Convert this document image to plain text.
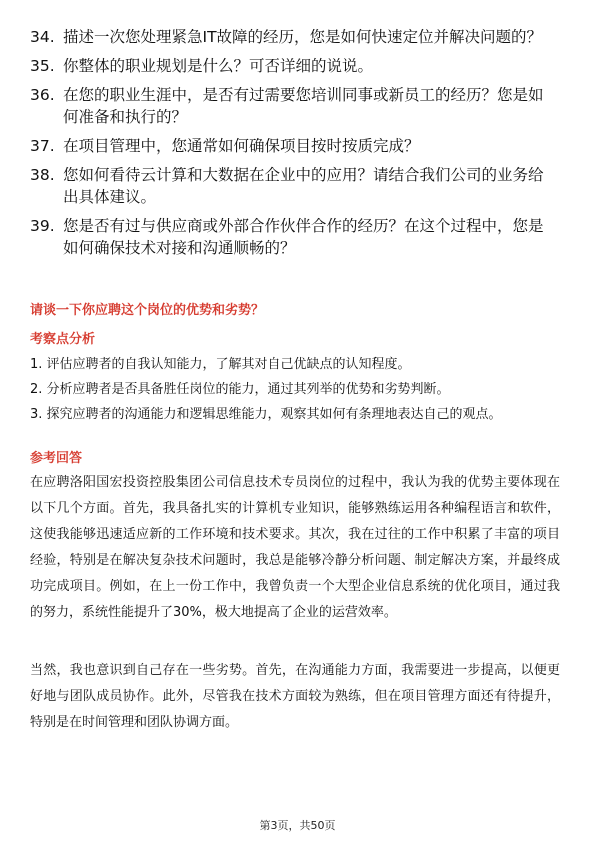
34. 描述一次您处理紧急IT故障的经历，您是如何快速定位并解决问题的？
35. 你整体的职业规划是什么？可否详细的说说。
36. 在您的职业生涯中，是否有过需要您培训同事或新员工的经历？您是如何准备和执行的？
37. 在项目管理中，您通常如何确保项目按时按质完成？
38. 您如何看待云计算和大数据在企业中的应用？请结合我们公司的业务给出具体建议。
39. 您是否有过与供应商或外部合作伙伴合作的经历？在这个过程中，您是如何确保技术对接和沟通顺畅的？
请谈一下你应聘这个岗位的优势和劣势？
考察点分析
1. 评估应聘者的自我认知能力，了解其对自己优缺点的认知程度。
2. 分析应聘者是否具备胜任岗位的能力，通过其列举的优势和劣势判断。
3. 探究应聘者的沟通能力和逻辑思维能力，观察其如何有条理地表达自己的观点。
参考回答

在应聘洛阳国宏投资控股集团公司信息技术专员岗位的过程中，我认为我的优势主要体现在以下几个方面。首先，我具备扎实的计算机专业知识，能够熟练运用各种编程语言和软件，这使我能够迅速适应新的工作环境和技术要求。其次，我在过往的工作中积累了丰富的项目经验，特别是在解决复杂技术问题时，我总是能够冷静分析问题、制定解决方案，并最终成功完成项目。例如，在上一份工作中，我曾负责一个大型企业信息系统的优化项目，通过我的努力，系统性能提升了30%，极大地提高了企业的运营效率。

当然，我也意识到自己存在一些劣势。首先，在沟通能力方面，我需要进一步提高，以便更好地与团队成员协作。此外，尽管我在技术方面较为熟练，但在项目管理方面还有待提升，特别是在时间管理和团队协调方面。

第3页，共50页
